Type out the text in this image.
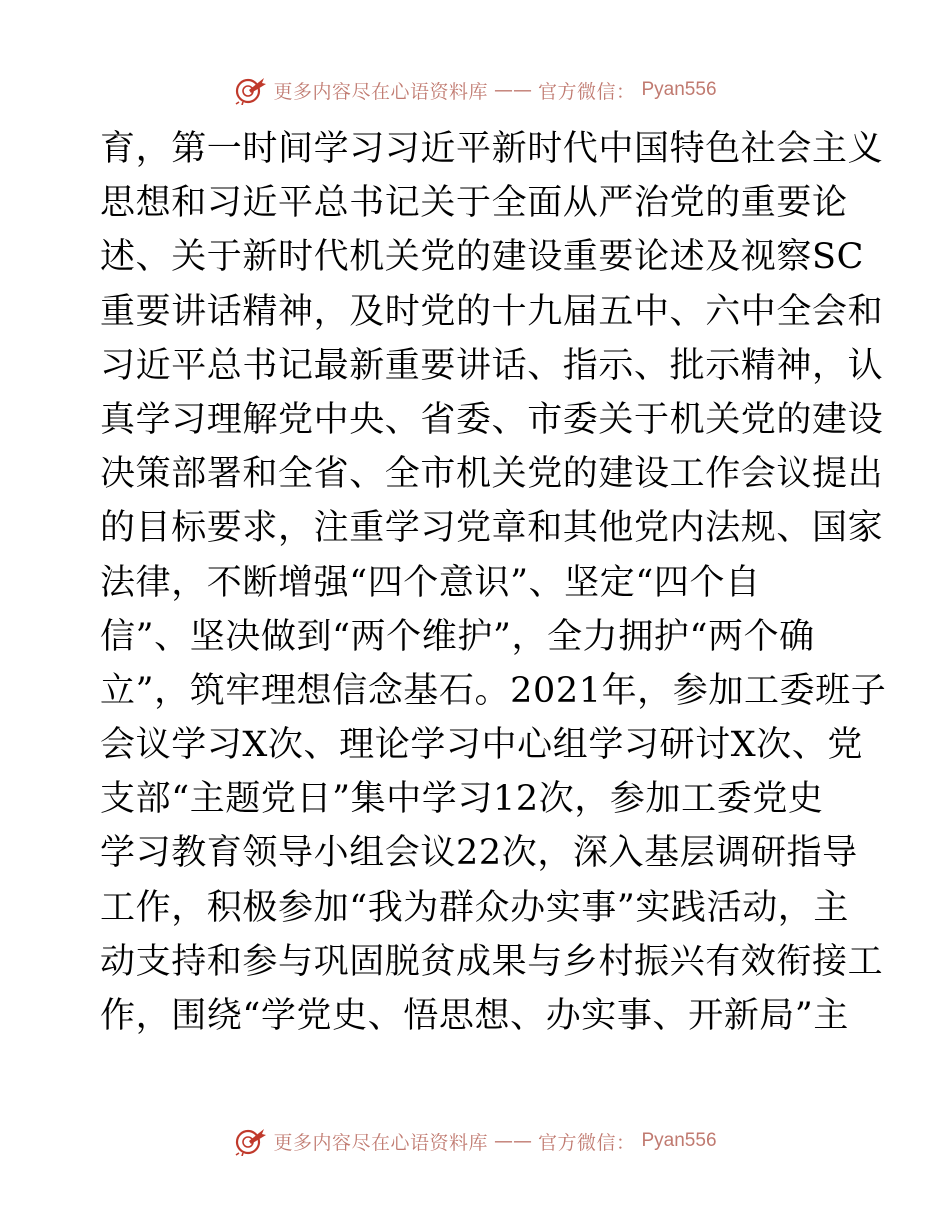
更多内容尽在心语资料库 —— 官方微信： Pyan556
育，第一时间学习习近平新时代中国特色社会主义
思想和习近平总书记关于全面从严治党的重要论
述、关于新时代机关党的建设重要论述及视察SC
重要讲话精神，及时党的十九届五中、六中全会和
习近平总书记最新重要讲话、指示、批示精神，认
真学习理解党中央、省委、市委关于机关党的建设
决策部署和全省、全市机关党的建设工作会议提出
的目标要求，注重学习党章和其他党内法规、国家
法律，不断增强“四个意识”、坚定“四个自
信”、坚决做到“两个维护”，全力拥护“两个确
立”，筑牢理想信念基石。2021年，参加工委班子
会议学习X次、理论学习中心组学习研讨X次、党
支部“主题党日”集中学习12次，参加工委党史
学习教育领导小组会议22次，深入基层调研指导
工作，积极参加“我为群众办实事”实践活动，主
动支持和参与巩固脱贫成果与乡村振兴有效衔接工
作，围绕“学党史、悟思想、办实事、开新局”主
更多内容尽在心语资料库 —— 官方微信： Pyan556
